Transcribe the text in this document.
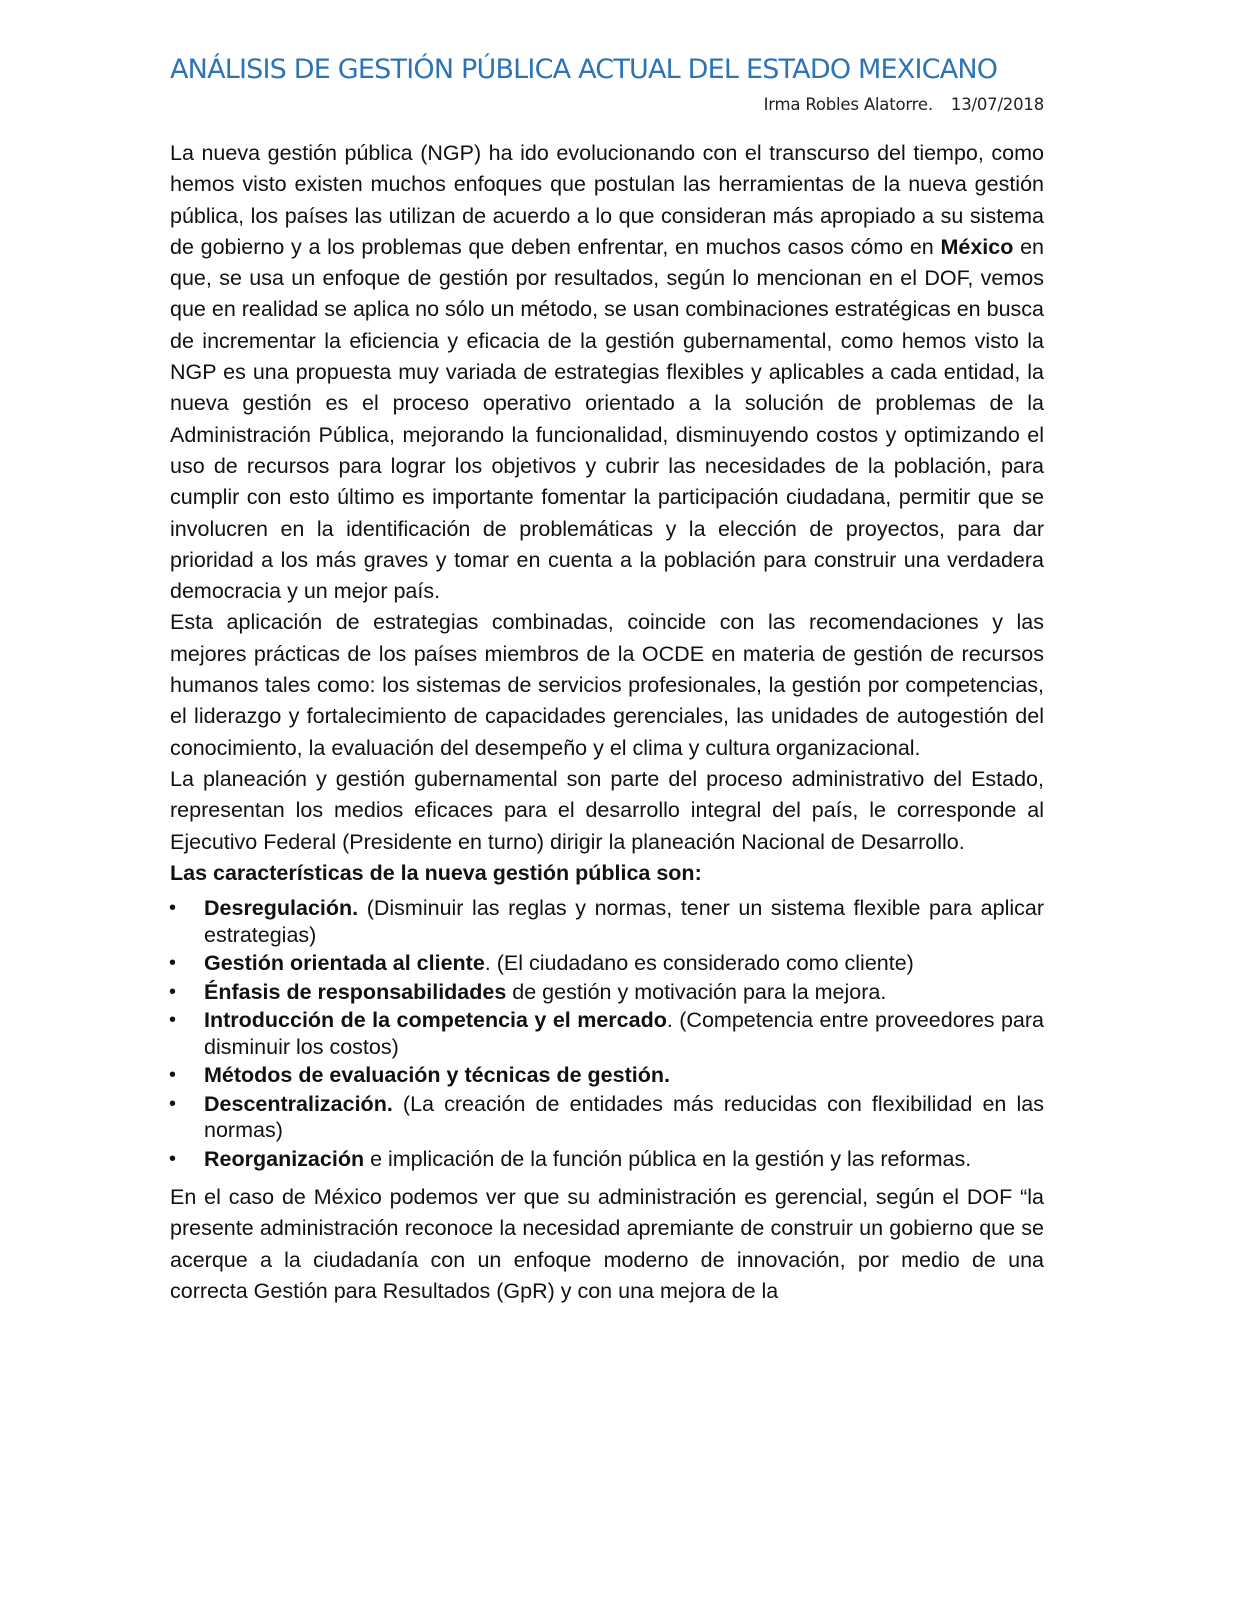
ANÁLISIS DE GESTIÓN PÚBLICA ACTUAL DEL ESTADO MEXICANO
Irma Robles Alatorre. 13/07/2018

La nueva gestión pública (NGP) ha ido evolucionando con el transcurso del tiempo, como hemos visto existen muchos enfoques que postulan las herramientas de la nueva gestión pública, los países las utilizan de acuerdo a lo que consideran más apropiado a su sistema de gobierno y a los problemas que deben enfrentar, en muchos casos cómo en México en que, se usa un enfoque de gestión por resultados, según lo mencionan en el DOF, vemos que en realidad se aplica no sólo un método, se usan combinaciones estratégicas en busca de incrementar la eficiencia y eficacia de la gestión gubernamental, como hemos visto la NGP es una propuesta muy variada de estrategias flexibles y aplicables a cada entidad, la nueva gestión es el proceso operativo orientado a la solución de problemas de la Administración Pública, mejorando la funcionalidad, disminuyendo costos y optimizando el uso de recursos para lograr los objetivos y cubrir las necesidades de la población, para cumplir con esto último es importante fomentar la participación ciudadana, permitir que se involucren en la identificación de problemáticas y la elección de proyectos, para dar prioridad a los más graves y tomar en cuenta a la población para construir una verdadera democracia y un mejor país.

Esta aplicación de estrategias combinadas, coincide con las recomendaciones y las mejores prácticas de los países miembros de la OCDE en materia de gestión de recursos humanos tales como: los sistemas de servicios profesionales, la gestión por competencias, el liderazgo y fortalecimiento de capacidades gerenciales, las unidades de autogestión del conocimiento, la evaluación del desempeño y el clima y cultura organizacional.

La planeación y gestión gubernamental son parte del proceso administrativo del Estado, representan los medios eficaces para el desarrollo integral del país, le corresponde al Ejecutivo Federal (Presidente en turno) dirigir la planeación Nacional de Desarrollo.

Las características de la nueva gestión pública son:

• Desregulación. (Disminuir las reglas y normas, tener un sistema flexible para aplicar estrategias)
• Gestión orientada al cliente. (El ciudadano es considerado como cliente)
• Énfasis de responsabilidades de gestión y motivación para la mejora.
• Introducción de la competencia y el mercado. (Competencia entre proveedores para disminuir los costos)
• Métodos de evaluación y técnicas de gestión.
• Descentralización. (La creación de entidades más reducidas con flexibilidad en las normas)
• Reorganización e implicación de la función pública en la gestión y las reformas.

En el caso de México podemos ver que su administración es gerencial, según el DOF “la presente administración reconoce la necesidad apremiante de construir un gobierno que se acerque a la ciudadanía con un enfoque moderno de innovación, por medio de una correcta Gestión para Resultados (GpR) y con una mejora de la
